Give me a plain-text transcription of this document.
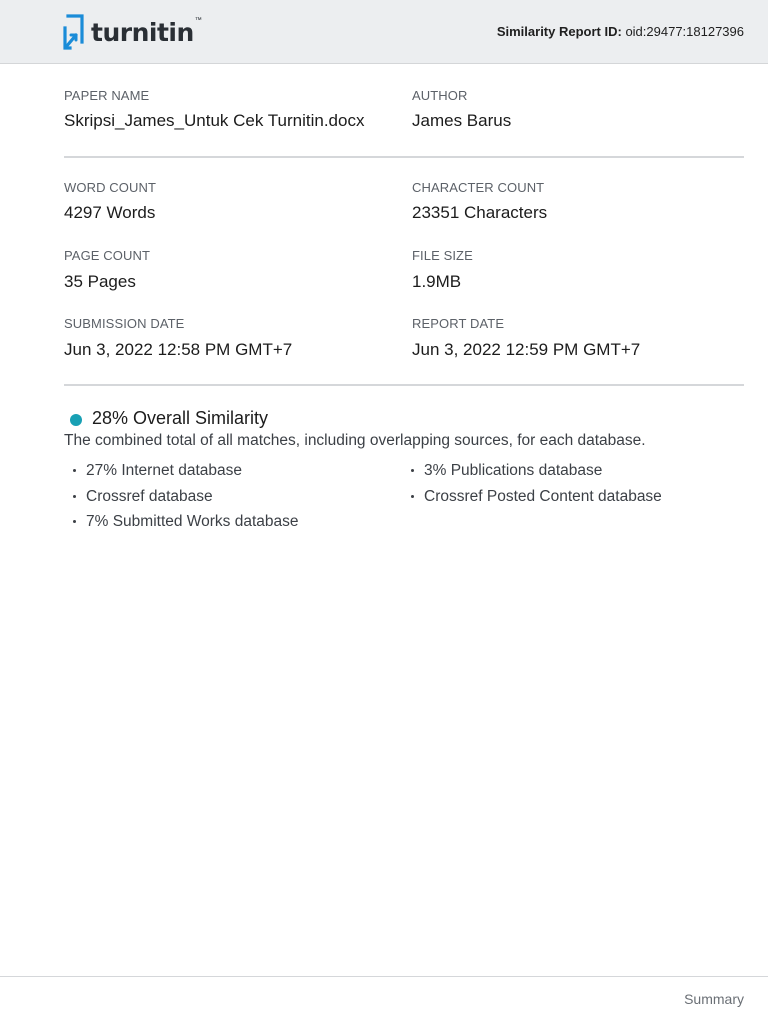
turnitin ™
Similarity Report ID: oid:29477:18127396
PAPER NAME
Skripsi_James_Untuk Cek Turnitin.docx
AUTHOR
James Barus
WORD COUNT
4297 Words
CHARACTER COUNT
23351 Characters
PAGE COUNT
35 Pages
FILE SIZE
1.9MB
SUBMISSION DATE
Jun 3, 2022 12:58 PM GMT+7
REPORT DATE
Jun 3, 2022 12:59 PM GMT+7
28% Overall Similarity
The combined total of all matches, including overlapping sources, for each database.
27% Internet database
Crossref database
7% Submitted Works database
3% Publications database
Crossref Posted Content database
Summary
